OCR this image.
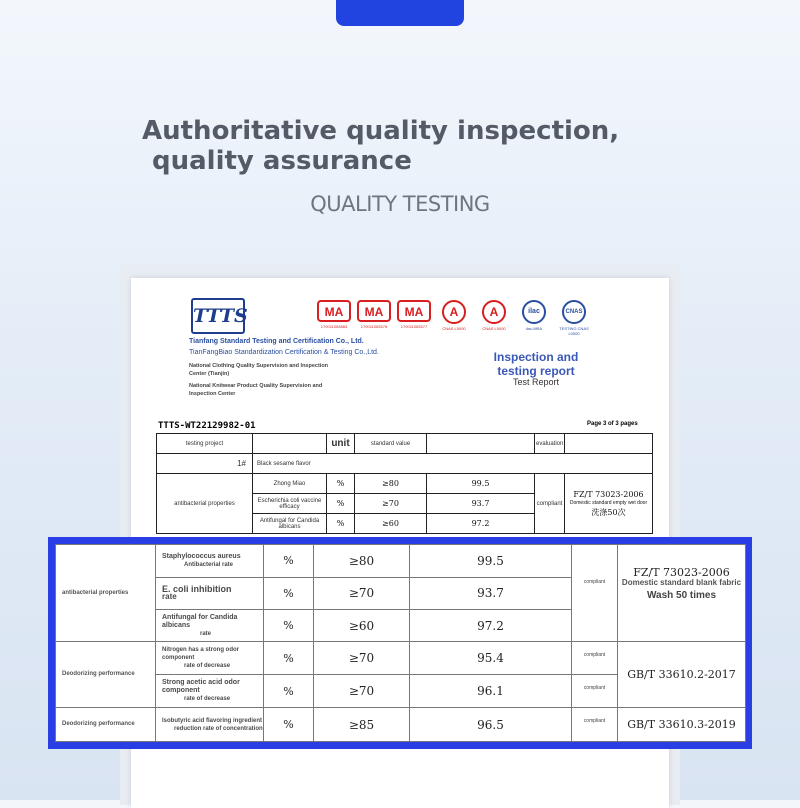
Authoritative quality inspection,
quality assurance
QUALITY TESTING
TTTS	MA
170011083883
MA
170011083576
MA
170011083577
A
CNAS L0000
A
CNAS L0000
ilac
ilac-MRA
CNAS
TESTING CNAS L0000
Tianfang Standard Testing and Certification Co., Ltd.
TianFangBiao Standardization Certification & Testing Co.,Ltd.
National Clothing Quality Supervision and Inspection Center (Tianjin)
National Knitwear Product Quality Supervision and Inspection Center
Inspection and
testing report
Test Report
TTTS-WT22129982-01	Page 3 of 3 pages
testing project		unit	standard value		evaluation	
1#	Black sesame flavor					
antibacterial properties	Zhong Miao	%	≥80	99.5	compliant	FZ/T 73023-2006
Domestic standard empty wet door
洗涤50次
	Escherichia coli vaccine efficacy	%	≥70	93.7		
	Antifungal for Candida albicans	%	≥60	97.2		
antibacterial properties	Staphylococcus aureus
Antibacterial rate	%	≥80	99.5	compliant	FZ/T 73023-2006
Domestic standard blank fabric
Wash 50 times

	E. coli inhibition
rate	%	≥70	93.7		

	Antifungal for Candida albicans
rate	%	≥60	97.2		
Deodorizing performance	Nitrogen has a strong odor component
rate of decrease	%	≥70	95.4	compliant	GB/T 33610.2-2017

	Strong acetic acid odor component
rate of decrease	%	≥70	96.1	compliant	
Deodorizing performance	Isobutyric acid flavoring ingredient
reduction rate of concentration	%	≥85	96.5	compliant	GB/T 33610.3-2019
